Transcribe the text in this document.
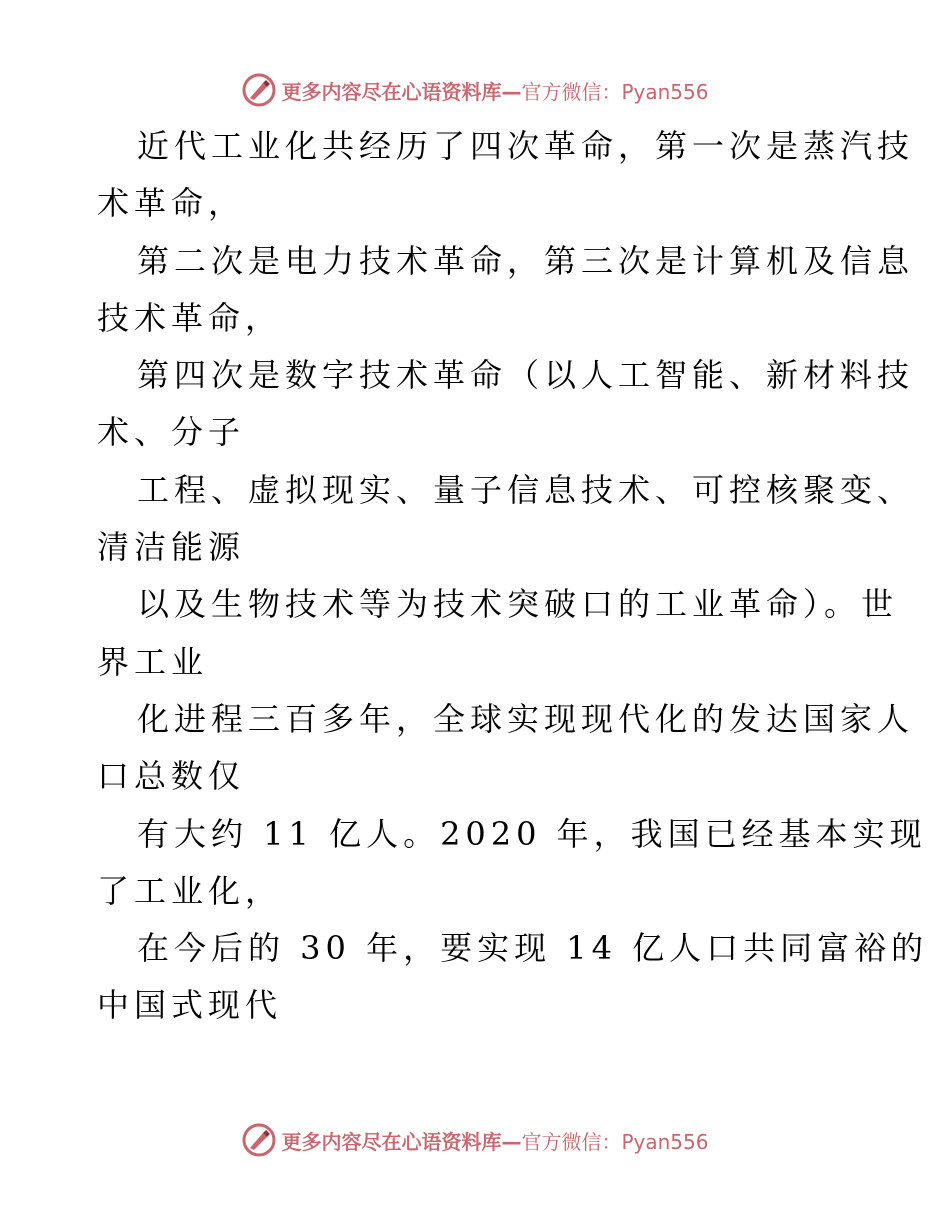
更多内容尽在心语资料库— 官方微信：Pyan556
近代工业化共经历了四次革命，第一次是蒸汽技
术革命，
第二次是电力技术革命，第三次是计算机及信息
技术革命，
第四次是数字技术革命（以人工智能、新材料技
术、分子
工程、虚拟现实、量子信息技术、可控核聚变、
清洁能源
以及生物技术等为技术突破口的工业革命）。世
界工业
化进程三百多年，全球实现现代化的发达国家人
口总数仅
有大约 11 亿人。2020 年，我国已经基本实现
了工业化，
在今后的 30 年，要实现 14 亿人口共同富裕的
中国式现代
更多内容尽在心语资料库— 官方微信：Pyan556
